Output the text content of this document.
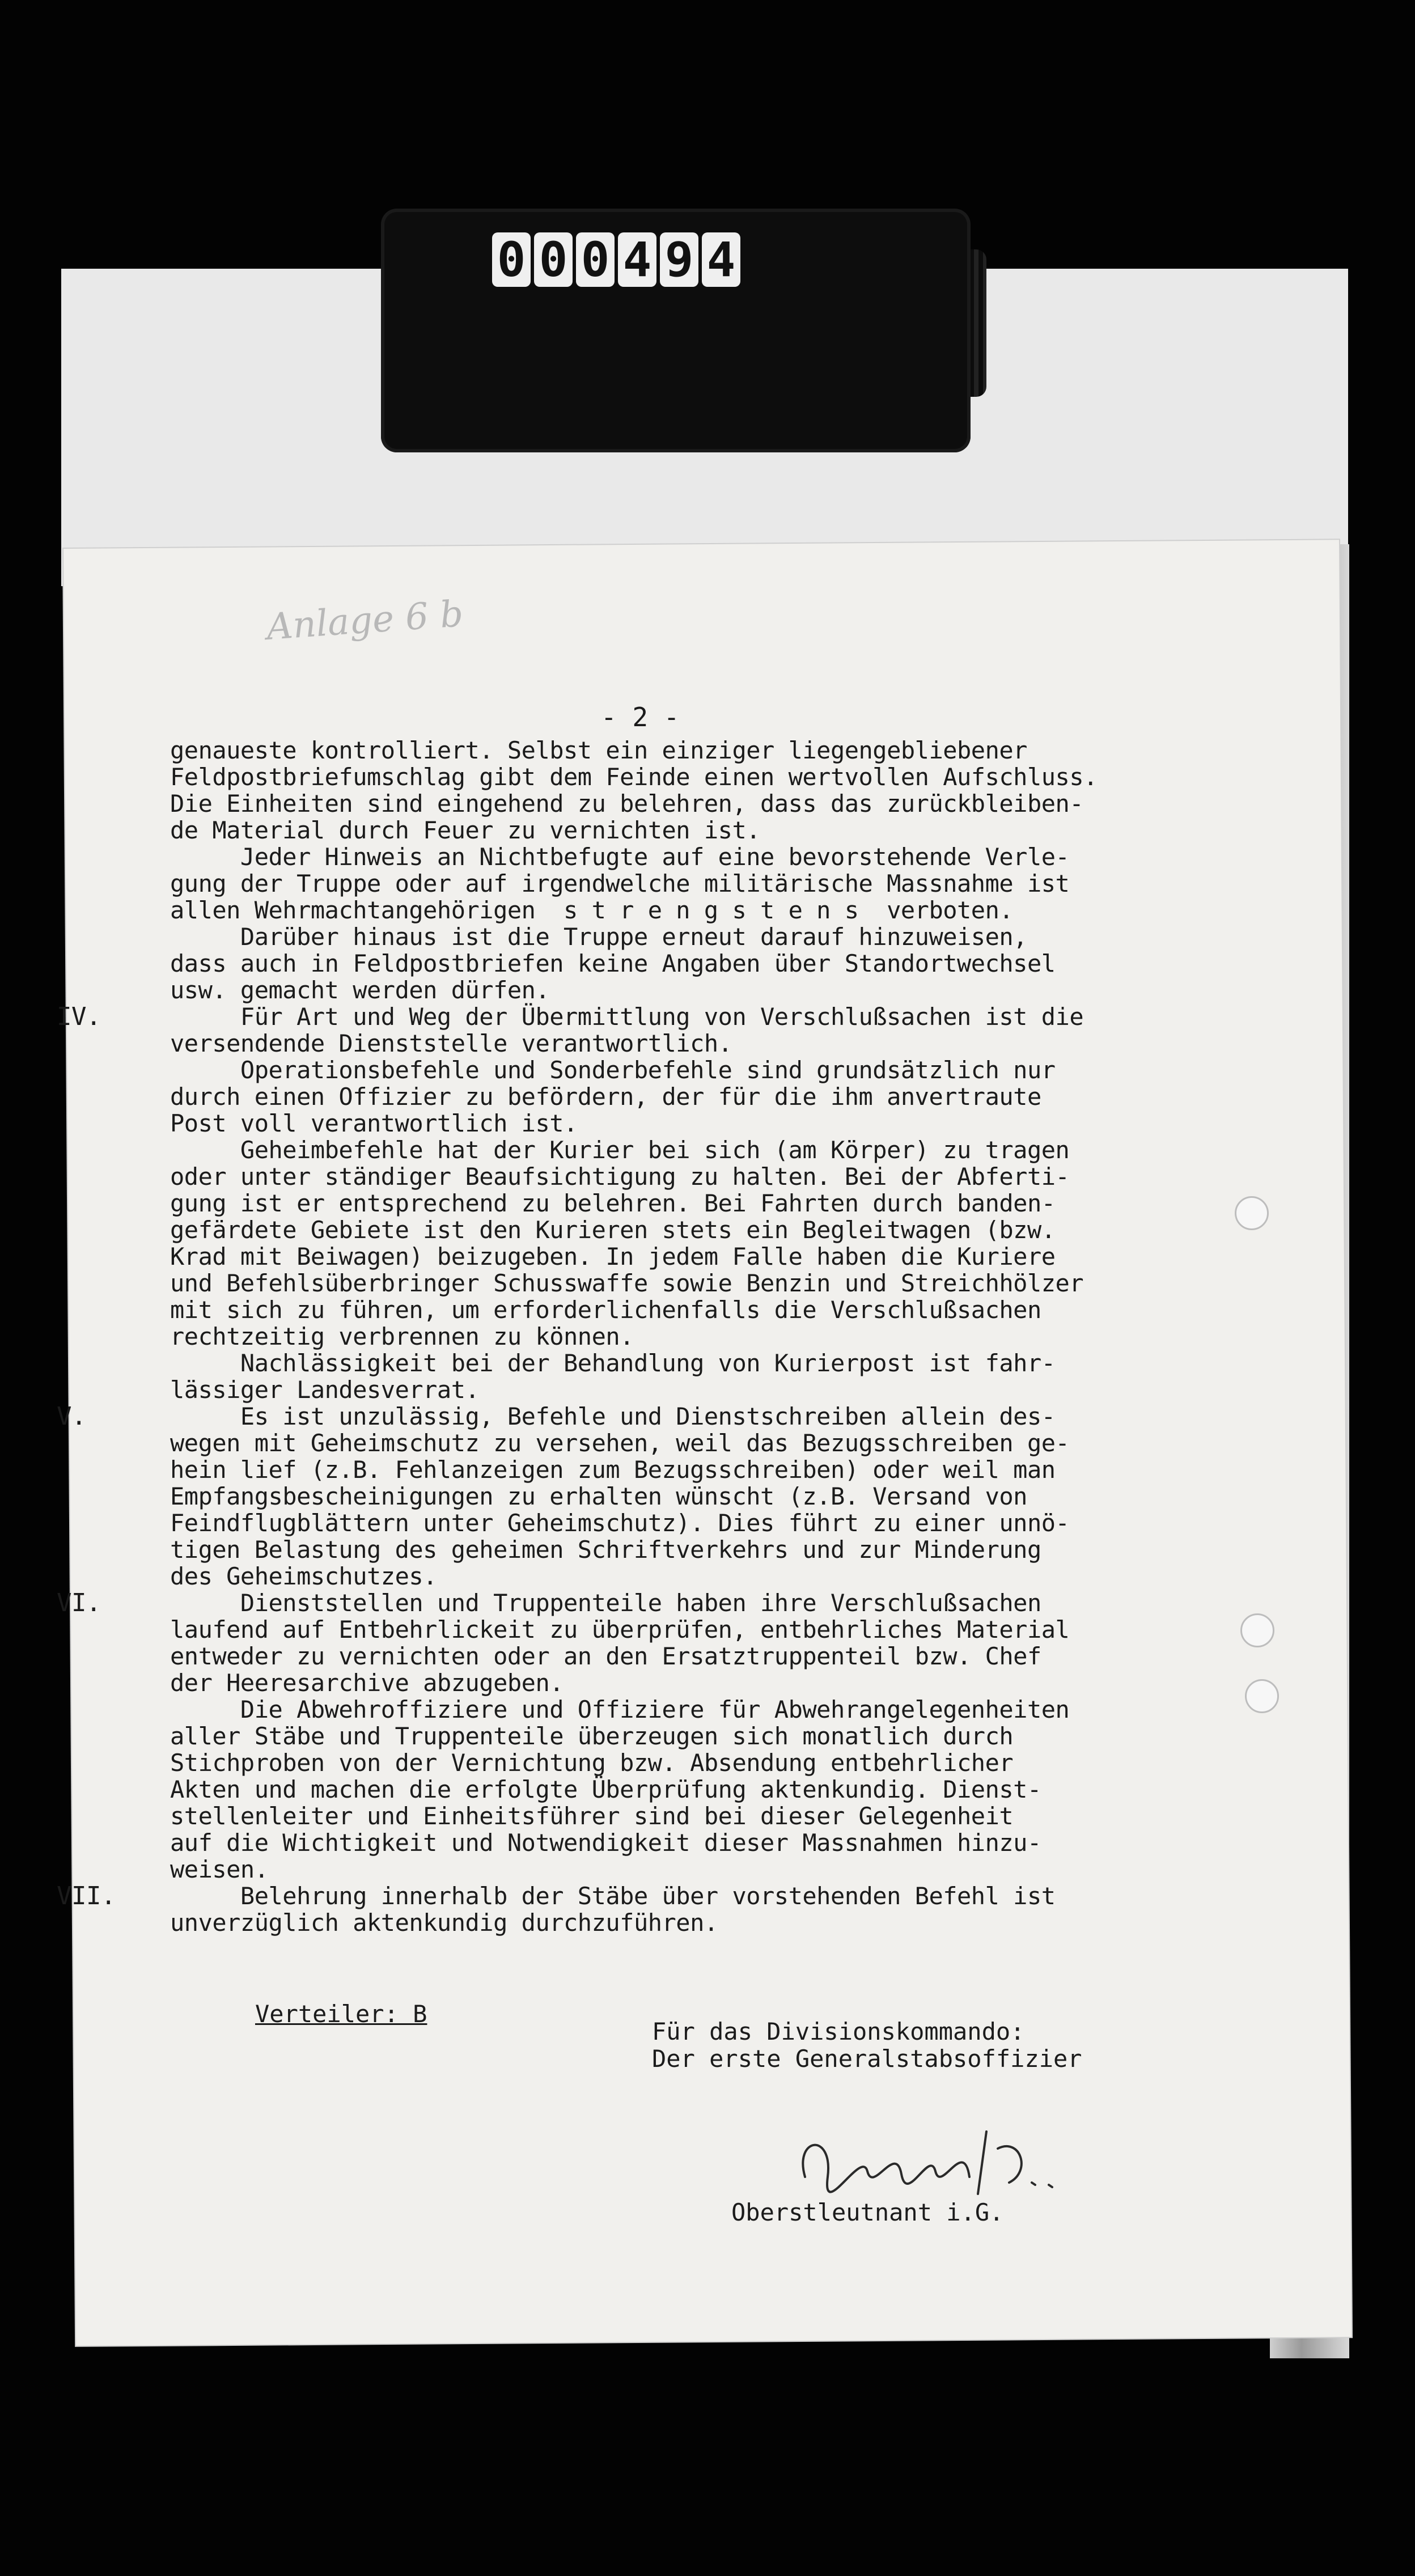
0 0 0 4 9 4
Anlage 6 b
- 2 -
genaueste kontrolliert. Selbst ein einziger liegengebliebener
Feldpostbriefumschlag gibt dem Feinde einen wertvollen Aufschluss.
Die Einheiten sind eingehend zu belehren, dass das zurückbleiben-
de Material durch Feuer zu vernichten ist.
Jeder Hinweis an Nichtbefugte auf eine bevorstehende Verle-
gung der Truppe oder auf irgendwelche militärische Massnahme ist
allen Wehrmachtangehörigen  s t r e n g s t e n s  verboten.
Darüber hinaus ist die Truppe erneut darauf hinzuweisen,
dass auch in Feldpostbriefen keine Angaben über Standortwechsel
usw. gemacht werden dürfen.
IV.	Für Art und Weg der Übermittlung von Verschlußsachen ist die
versendende Dienststelle verantwortlich.
Operationsbefehle und Sonderbefehle sind grundsätzlich nur
durch einen Offizier zu befördern, der für die ihm anvertraute
Post voll verantwortlich ist.
Geheimbefehle hat der Kurier bei sich (am Körper) zu tragen
oder unter ständiger Beaufsichtigung zu halten. Bei der Abferti-
gung ist er entsprechend zu belehren. Bei Fahrten durch banden-
gefärdete Gebiete ist den Kurieren stets ein Begleitwagen (bzw.
Krad mit Beiwagen) beizugeben. In jedem Falle haben die Kuriere
und Befehlsüberbringer Schusswaffe sowie Benzin und Streichhölzer
mit sich zu führen, um erforderlichenfalls die Verschlußsachen
rechtzeitig verbrennen zu können.
Nachlässigkeit bei der Behandlung von Kurierpost ist fahr-
lässiger Landesverrat.
V.	Es ist unzulässig, Befehle und Dienstschreiben allein des-
wegen mit Geheimschutz zu versehen, weil das Bezugsschreiben ge-
hein lief (z.B. Fehlanzeigen zum Bezugsschreiben) oder weil man
Empfangsbescheinigungen zu erhalten wünscht (z.B. Versand von
Feindflugblättern unter Geheimschutz). Dies führt zu einer unnö-
tigen Belastung des geheimen Schriftverkehrs und zur Minderung
des Geheimschutzes.
VI.	Dienststellen und Truppenteile haben ihre Verschlußsachen
laufend auf Entbehrlickeit zu überprüfen, entbehrliches Material
entweder zu vernichten oder an den Ersatztruppenteil bzw. Chef
der Heeresarchive abzugeben.
Die Abwehroffiziere und Offiziere für Abwehrangelegenheiten
aller Stäbe und Truppenteile überzeugen sich monatlich durch
Stichproben von der Vernichtung bzw. Absendung entbehrlicher
Akten und machen die erfolgte Überprüfung aktenkundig. Dienst-
stellenleiter und Einheitsführer sind bei dieser Gelegenheit
auf die Wichtigkeit und Notwendigkeit dieser Massnahmen hinzu-
weisen.
VII. Belehrung innerhalb der Stäbe über vorstehenden Befehl ist
unverzüglich aktenkundig durchzuführen.
Verteiler: B
Für das Divisionskommando:
Der erste Generalstabsoffizier
Oberstleutnant i.G.
